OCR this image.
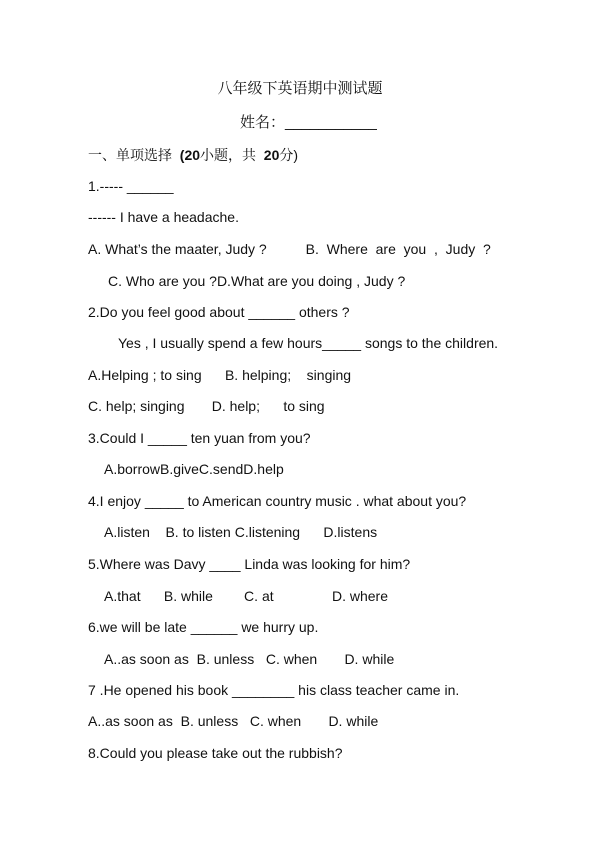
八年级下英语期中测试题
姓名：___________
一、单项选择 (20小题，共 20分)
1.----- ______
------ I have a headache.
A. What’s the maater, Judy ?          B.  Where  are  you  ,  Judy  ?
C. Who are you ?D.What are you doing , Judy ?
2.Do you feel good about ______ others ?
Yes , I usually spend a few hours_____ songs to the children.
A.Helping ; to sing      B. helping;    singing
C. help; singing       D. help;      to sing
3.Could I _____ ten yuan from you?
A.borrowB.giveC.sendD.help
4.I enjoy _____ to American country music . what about you?
A.listen    B. to listen C.listening      D.listens
5.Where was Davy ____ Linda was looking for him?
A.that      B. while        C. at               D. where
6.we will be late ______ we hurry up.
A..as soon as  B. unless   C. when       D. while
7 .He opened his book ________ his class teacher came in.
A..as soon as  B. unless   C. when       D. while
8.Could you please take out the rubbish?
